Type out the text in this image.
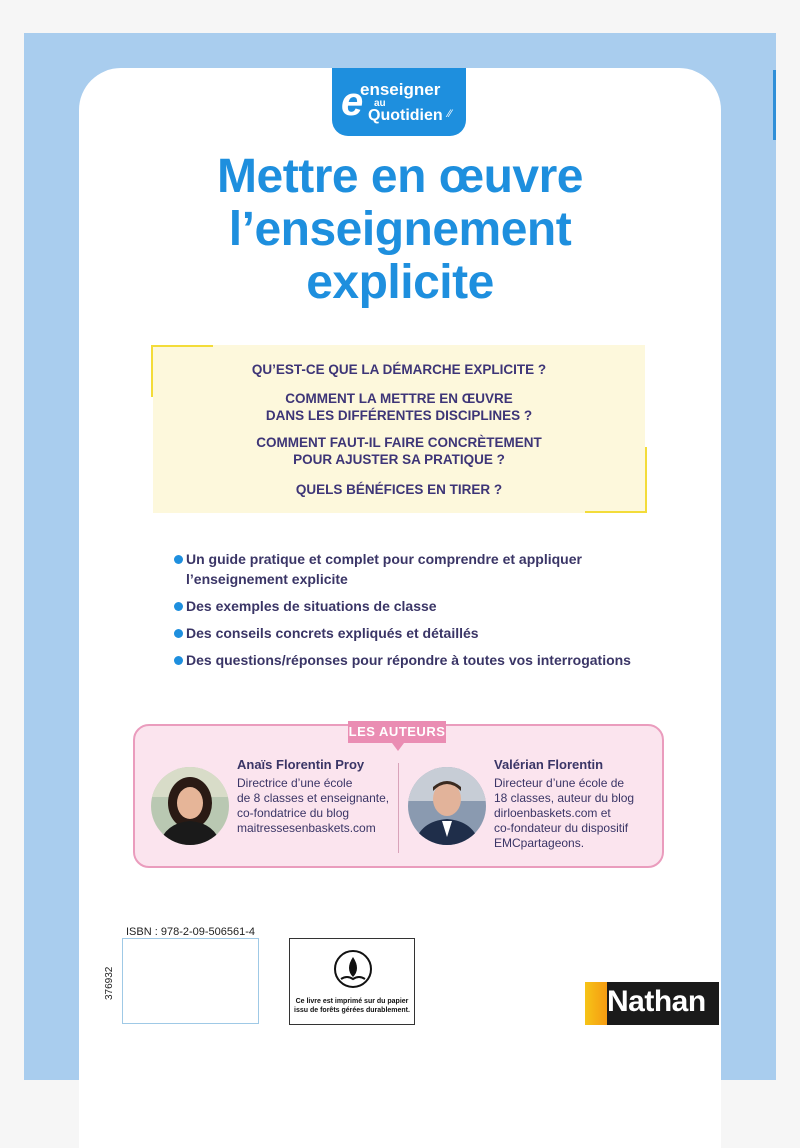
e
enseigner
au
Quotidien ⁄⁄
Mettre en œuvre
l’enseignement
explicite
QU’EST-CE QUE LA DÉMARCHE EXPLICITE ?
COMMENT LA METTRE EN ŒUVRE
DANS LES DIFFÉRENTES DISCIPLINES ?
COMMENT FAUT-IL FAIRE CONCRÈTEMENT
POUR AJUSTER SA PRATIQUE ?
QUELS BÉNÉFICES EN TIRER ?
Un guide pratique et complet pour comprendre et appliquer
l’enseignement explicite
Des exemples de situations de classe
Des conseils concrets expliqués et détaillés
Des questions/réponses pour répondre à toutes vos interrogations
LES AUTEURS
Anaïs Florentin Proy
Directrice d’une école
de 8 classes et enseignante,
co-fondatrice du blog
maitressesenbaskets.com
Valérian Florentin
Directeur d’une école de
18 classes, auteur du blog
dirloenbaskets.com et
co-fondateur du dispositif
EMCpartageons.
ISBN : 978-2-09-506561-4
376932
Ce livre est imprimé sur du papier
issu de forêts gérées durablement.	Nathan
